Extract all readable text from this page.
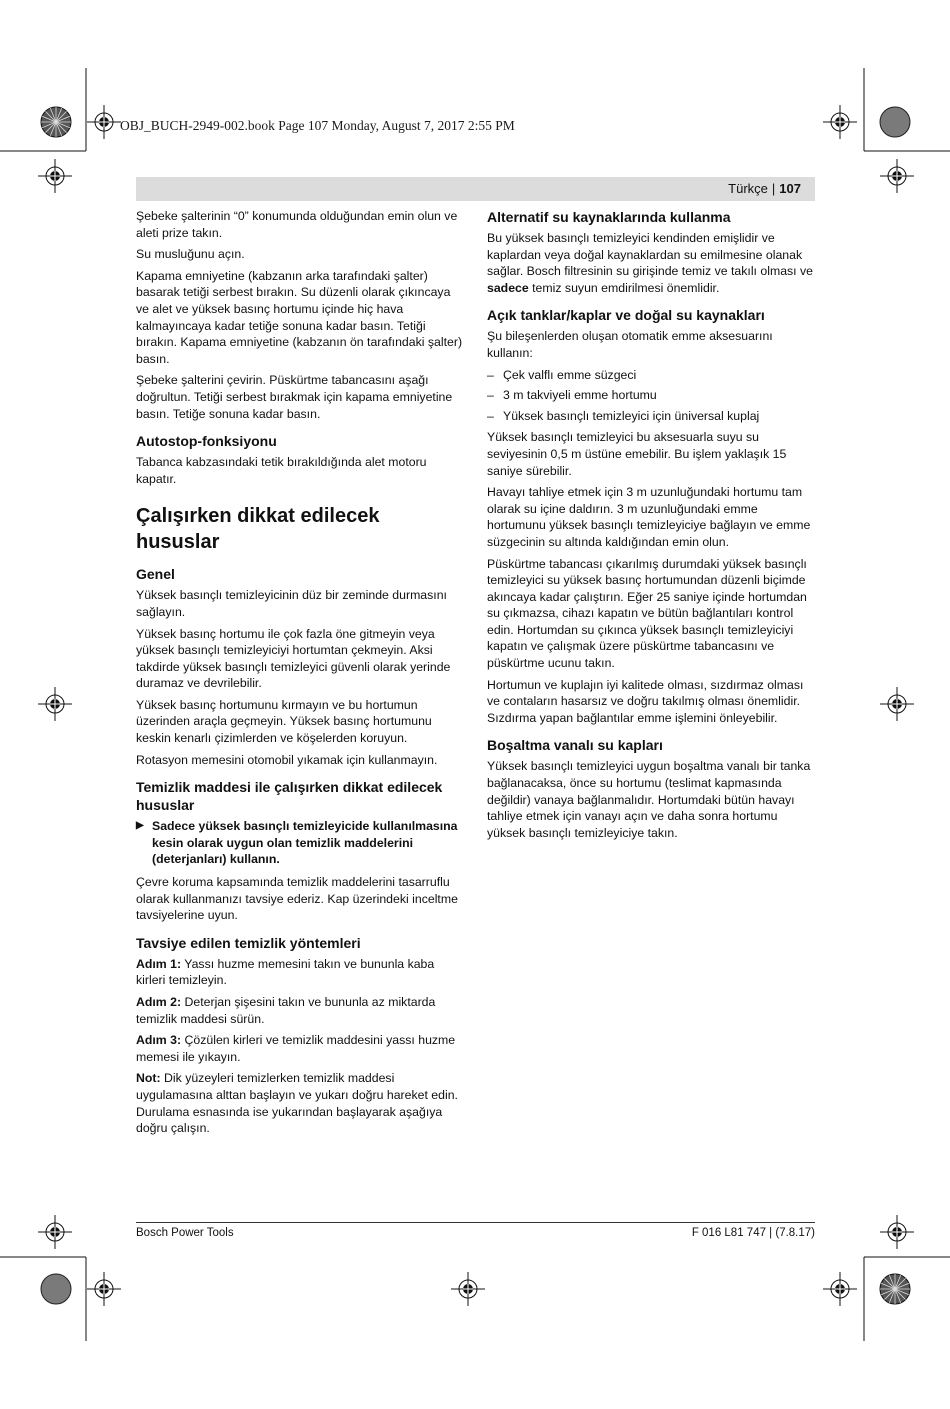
OBJ_BUCH-2949-002.book Page 107 Monday, August 7, 2017 2:55 PM
Türkçe | 107

Şebeke şalterinin “0” konumunda olduğundan emin olun ve aleti prize takın.

Su musluğunu açın.

Kapama emniyetine (kabzanın arka tarafındaki şalter) basarak tetiği serbest bırakın. Su düzenli olarak çıkıncaya ve alet ve yüksek basınç hortumu içinde hiç hava kalmayıncaya kadar tetiğe sonuna kadar basın. Tetiği bırakın. Kapama emniyetine (kabzanın ön tarafındaki şalter) basın.

Şebeke şalterini çevirin. Püskürtme tabancasını aşağı doğrultun. Tetiği serbest bırakmak için kapama emniyetine basın. Tetiğe sonuna kadar basın.

Autostop-fonksiyonu

Tabanca kabzasındaki tetik bırakıldığında alet motoru kapatır.

Çalışırken dikkat edilecek hususlar
Genel

Yüksek basınçlı temizleyicinin düz bir zeminde durmasını sağlayın.

Yüksek basınç hortumu ile çok fazla öne gitmeyin veya yüksek basınçlı temizleyiciyi hortumtan çekmeyin. Aksi takdirde yüksek basınçlı temizleyici güvenli olarak yerinde duramaz ve devrilebilir.

Yüksek basınç hortumunu kırmayın ve bu hortumun üzerinden araçla geçmeyin. Yüksek basınç hortumunu keskin kenarlı çizimlerden ve köşelerden koruyun.

Rotasyon memesini otomobil yıkamak için kullanmayın.

Temizlik maddesi ile çalışırken dikkat edilecek hususlar
▶ Sadece yüksek basınçlı temizleyicide kullanılmasına kesin olarak uygun olan temizlik maddelerini (deterjanları) kullanın.

Çevre koruma kapsamında temizlik maddelerini tasarruflu olarak kullanmanızı tavsiye ederiz. Kap üzerindeki inceltme tavsiyelerine uyun.

Tavsiye edilen temizlik yöntemleri

Adım 1: Yassı huzme memesini takın ve bununla kaba kirleri temizleyin.

Adım 2: Deterjan şişesini takın ve bununla az miktarda temizlik maddesi sürün.

Adım 3: Çözülen kirleri ve temizlik maddesini yassı huzme memesi ile yıkayın.

Not: Dik yüzeyleri temizlerken temizlik maddesi uygulamasına alttan başlayın ve yukarı doğru hareket edin. Durulama esnasında ise yukarından başlayarak aşağıya doğru çalışın.

Alternatif su kaynaklarında kullanma

Bu yüksek basınçlı temizleyici kendinden emişlidir ve kaplardan veya doğal kaynaklardan su emilmesine olanak sağlar. Bosch filtresinin su girişinde temiz ve takılı olması ve sadece temiz suyun emdirilmesi önemlidir.

Açık tanklar/kaplar ve doğal su kaynakları

Şu bileşenlerden oluşan otomatik emme aksesuarını kullanın:

– Çek valflı emme süzgeci
– 3 m takviyeli emme hortumu
– Yüksek basınçlı temizleyici için üniversal kuplaj

Yüksek basınçlı temizleyici bu aksesuarla suyu su seviyesinin 0,5 m üstüne emebilir. Bu işlem yaklaşık 15 saniye sürebilir.

Havayı tahliye etmek için 3 m uzunluğundaki hortumu tam olarak su içine daldırın. 3 m uzunluğundaki emme hortumunu yüksek basınçlı temizleyiciye bağlayın ve emme süzgecinin su altında kaldığından emin olun.

Püskürtme tabancası çıkarılmış durumdaki yüksek basınçlı temizleyici su yüksek basınç hortumundan düzenli biçimde akıncaya kadar çalıştırın. Eğer 25 saniye içinde hortumdan su çıkmazsa, cihazı kapatın ve bütün bağlantıları kontrol edin. Hortumdan su çıkınca yüksek basınçlı temizleyiciyi kapatın ve çalışmak üzere püskürtme tabancasını ve püskürtme ucunu takın.

Hortumun ve kuplajın iyi kalitede olması, sızdırmaz olması ve contaların hasarsız ve doğru takılmış olması önemlidir. Sızdırma yapan bağlantılar emme işlemini önleyebilir.

Boşaltma vanalı su kapları

Yüksek basınçlı temizleyici uygun boşaltma vanalı bir tanka bağlanacaksa, önce su hortumu (teslimat kapmasında değildir) vanaya bağlanmalıdır. Hortumdaki bütün havayı tahliye etmek için vanayı açın ve daha sonra hortumu yüksek basınçlı temizleyiciye takın.

Bosch Power Tools	F 016 L81 747 | (7.8.17)
